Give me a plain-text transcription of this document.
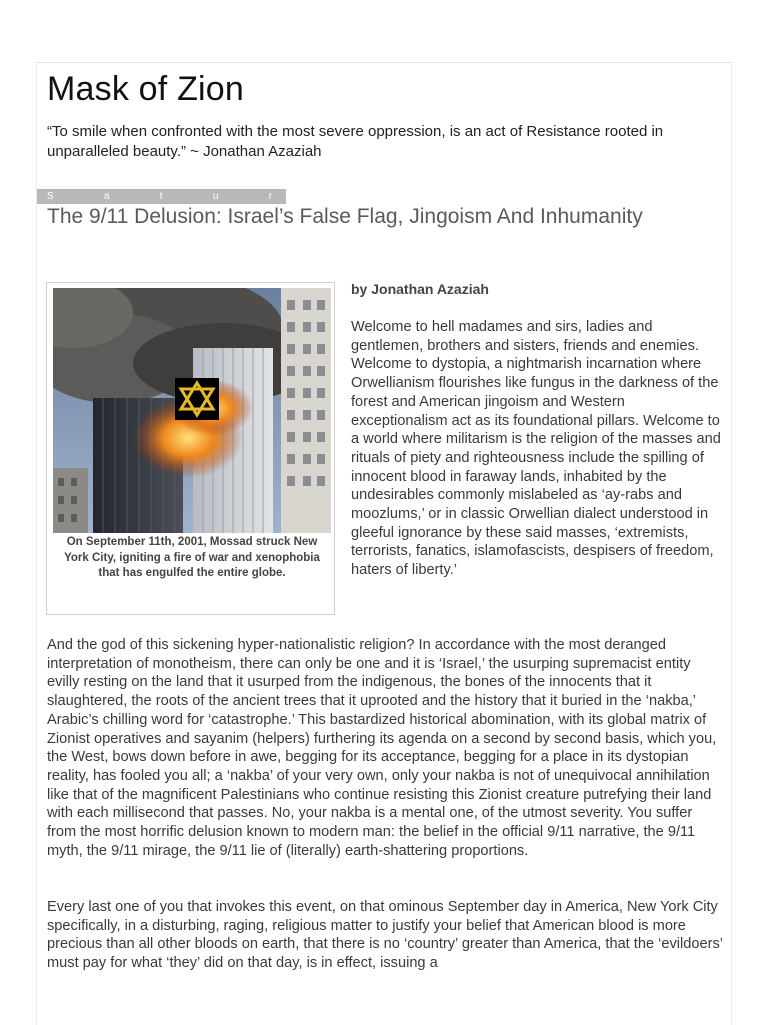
Mask of Zion

“To smile when confronted with the most severe oppression, is an act of Resistance rooted in unparalleled beauty.” ~ Jonathan Azaziah

S	a	t	u	r
The 9/11 Delusion: Israel’s False Flag, Jingoism And Inhumanity
On September 11th, 2001, Mossad struck New York City, igniting a fire of war and xenophobia that has engulfed the entire globe.

by Jonathan Azaziah

Welcome to hell madames and sirs, ladies and gentlemen, brothers and sisters, friends and enemies. Welcome to dystopia, a nightmarish incarnation where Orwellianism flourishes like fungus in the darkness of the forest and American jingoism and Western exceptionalism act as its foundational pillars. Welcome to a world where militarism is the religion of the masses and rituals of piety and righteousness include the spilling of innocent blood in faraway lands, inhabited by the undesirables commonly mislabeled as ‘ay-rabs and moozlums,’ or in classic Orwellian dialect understood in gleeful ignorance by these said masses, ‘extremists, terrorists, fanatics, islamofascists, despisers of freedom, haters of liberty.’

And the god of this sickening hyper-nationalistic religion? In accordance with the most deranged interpretation of monotheism, there can only be one and it is ‘Israel,’ the usurping supremacist entity evilly resting on the land that it usurped from the indigenous, the bones of the innocents that it slaughtered, the roots of the ancient trees that it uprooted and the history that it buried in the ‘nakba,’ Arabic’s chilling word for ‘catastrophe.’ This bastardized historical abomination, with its global matrix of Zionist operatives and sayanim (helpers) furthering its agenda on a second by second basis, which you, the West, bows down before in awe, begging for its acceptance, begging for a place in its dystopian reality, has fooled you all; a ‘nakba’ of your very own, only your nakba is not of unequivocal annihilation like that of the magnificent Palestinians who continue resisting this Zionist creature putrefying their land with each millisecond that passes. No, your nakba is a mental one, of the utmost severity. You suffer from the most horrific delusion known to modern man: the belief in the official 9/11 narrative, the 9/11 myth, the 9/11 mirage, the 9/11 lie of (literally) earth-shattering proportions.

Every last one of you that invokes this event, on that ominous September day in America, New York City specifically, in a disturbing, raging, religious matter to justify your belief that American blood is more precious than all other bloods on earth, that there is no ‘country’ greater than America, that the ‘evildoers’ must pay for what ‘they’ did on that day, is in effect, issuing a
